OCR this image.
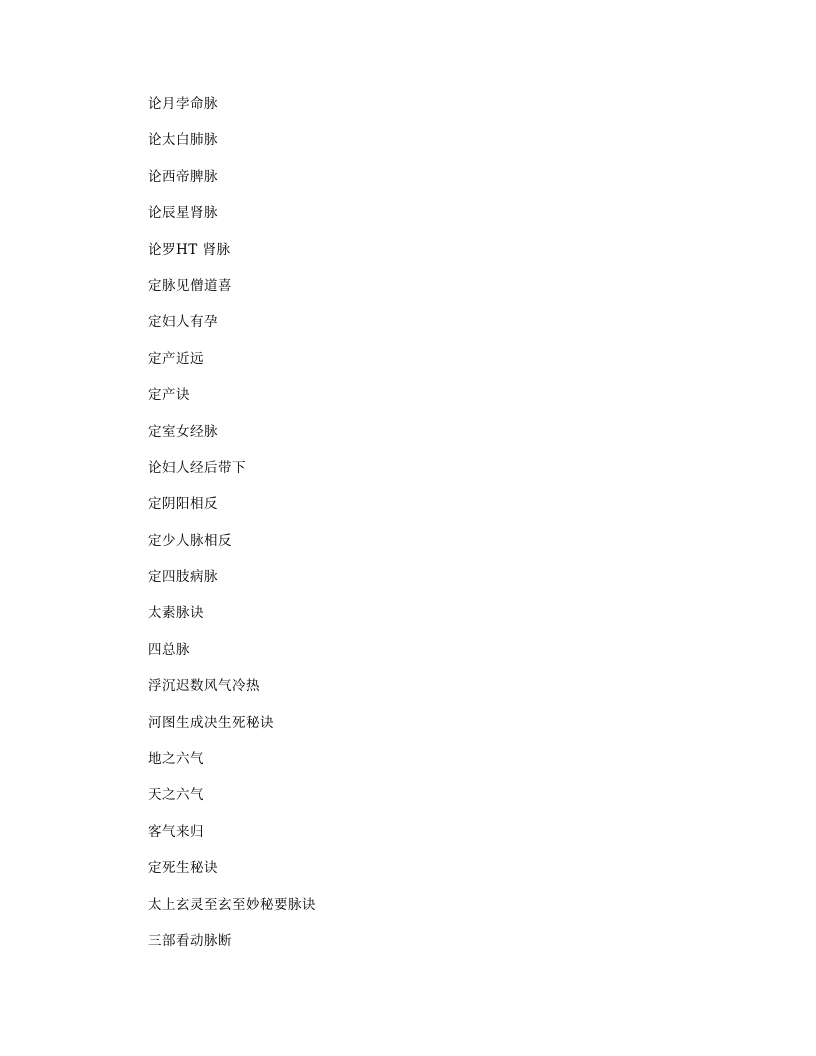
论月孛命脉
论太白肺脉
论西帝脾脉
论辰星肾脉
论罗HT 肾脉
定脉见僧道喜
定妇人有孕
定产近远
定产诀
定室女经脉
论妇人经后带下
定阴阳相反
定少人脉相反
定四肢病脉
太素脉诀
四总脉
浮沉迟数风气冷热
河图生成决生死秘诀
地之六气
天之六气
客气来归
定死生秘诀
太上玄灵至玄至妙秘要脉诀
三部看动脉断
